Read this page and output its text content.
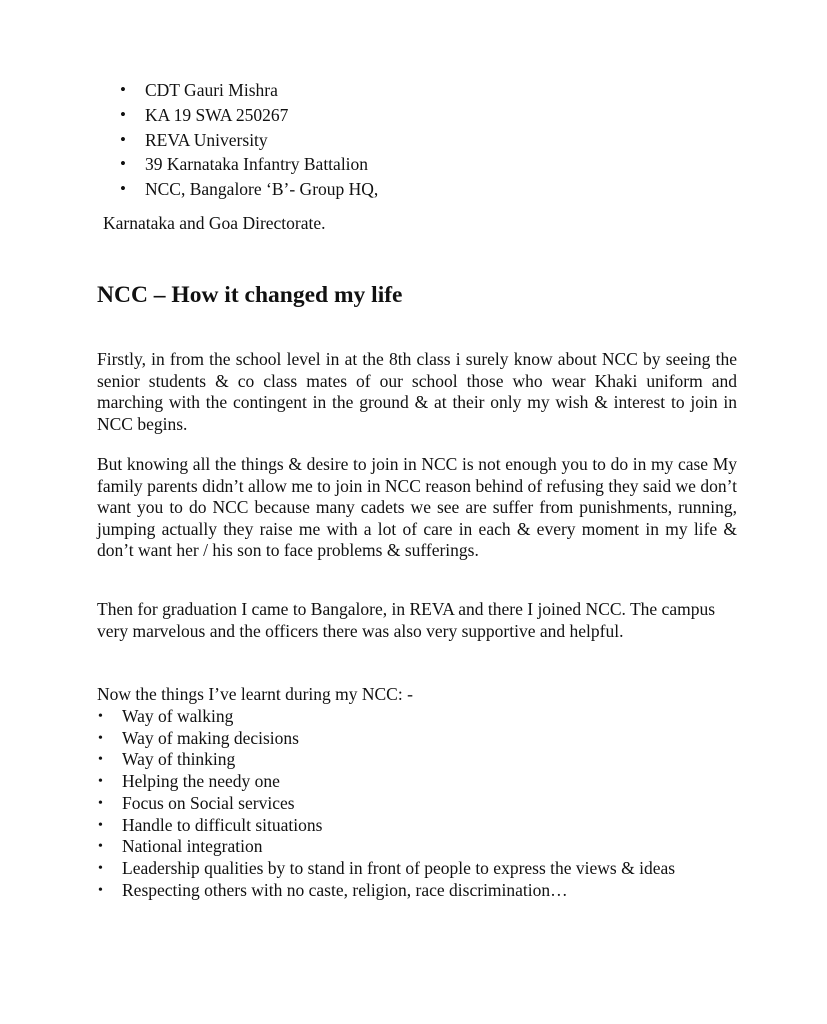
• CDT Gauri Mishra
• KA 19 SWA 250267
• REVA University
• 39 Karnataka Infantry Battalion
• NCC, Bangalore ‘B’- Group HQ,
Karnataka and Goa Directorate.
NCC – How it changed my life

Firstly, in from the school level in at the 8th class i surely know about NCC by seeing the senior students & co class mates of our school those who wear Khaki uniform and marching with the contingent in the ground & at their only my wish & interest to join in NCC begins.

But knowing all the things & desire to join in NCC is not enough you to do in my case My family parents didn’t allow me to join in NCC reason behind of refusing they said we don’t want you to do NCC because many cadets we see are suffer from punishments, running, jumping actually they raise me with a lot of care in each & every moment in my life & don’t want her / his son to face problems & sufferings.

Then for graduation I came to Bangalore, in REVA and there I joined NCC. The campus very marvelous and the officers there was also very supportive and helpful.

Now the things I’ve learnt during my NCC: -

• Way of walking
• Way of making decisions
• Way of thinking
• Helping the needy one
• Focus on Social services
• Handle to difficult situations
• National integration
• Leadership qualities by to stand in front of people to express the views & ideas
• Respecting others with no caste, religion, race discrimination…
